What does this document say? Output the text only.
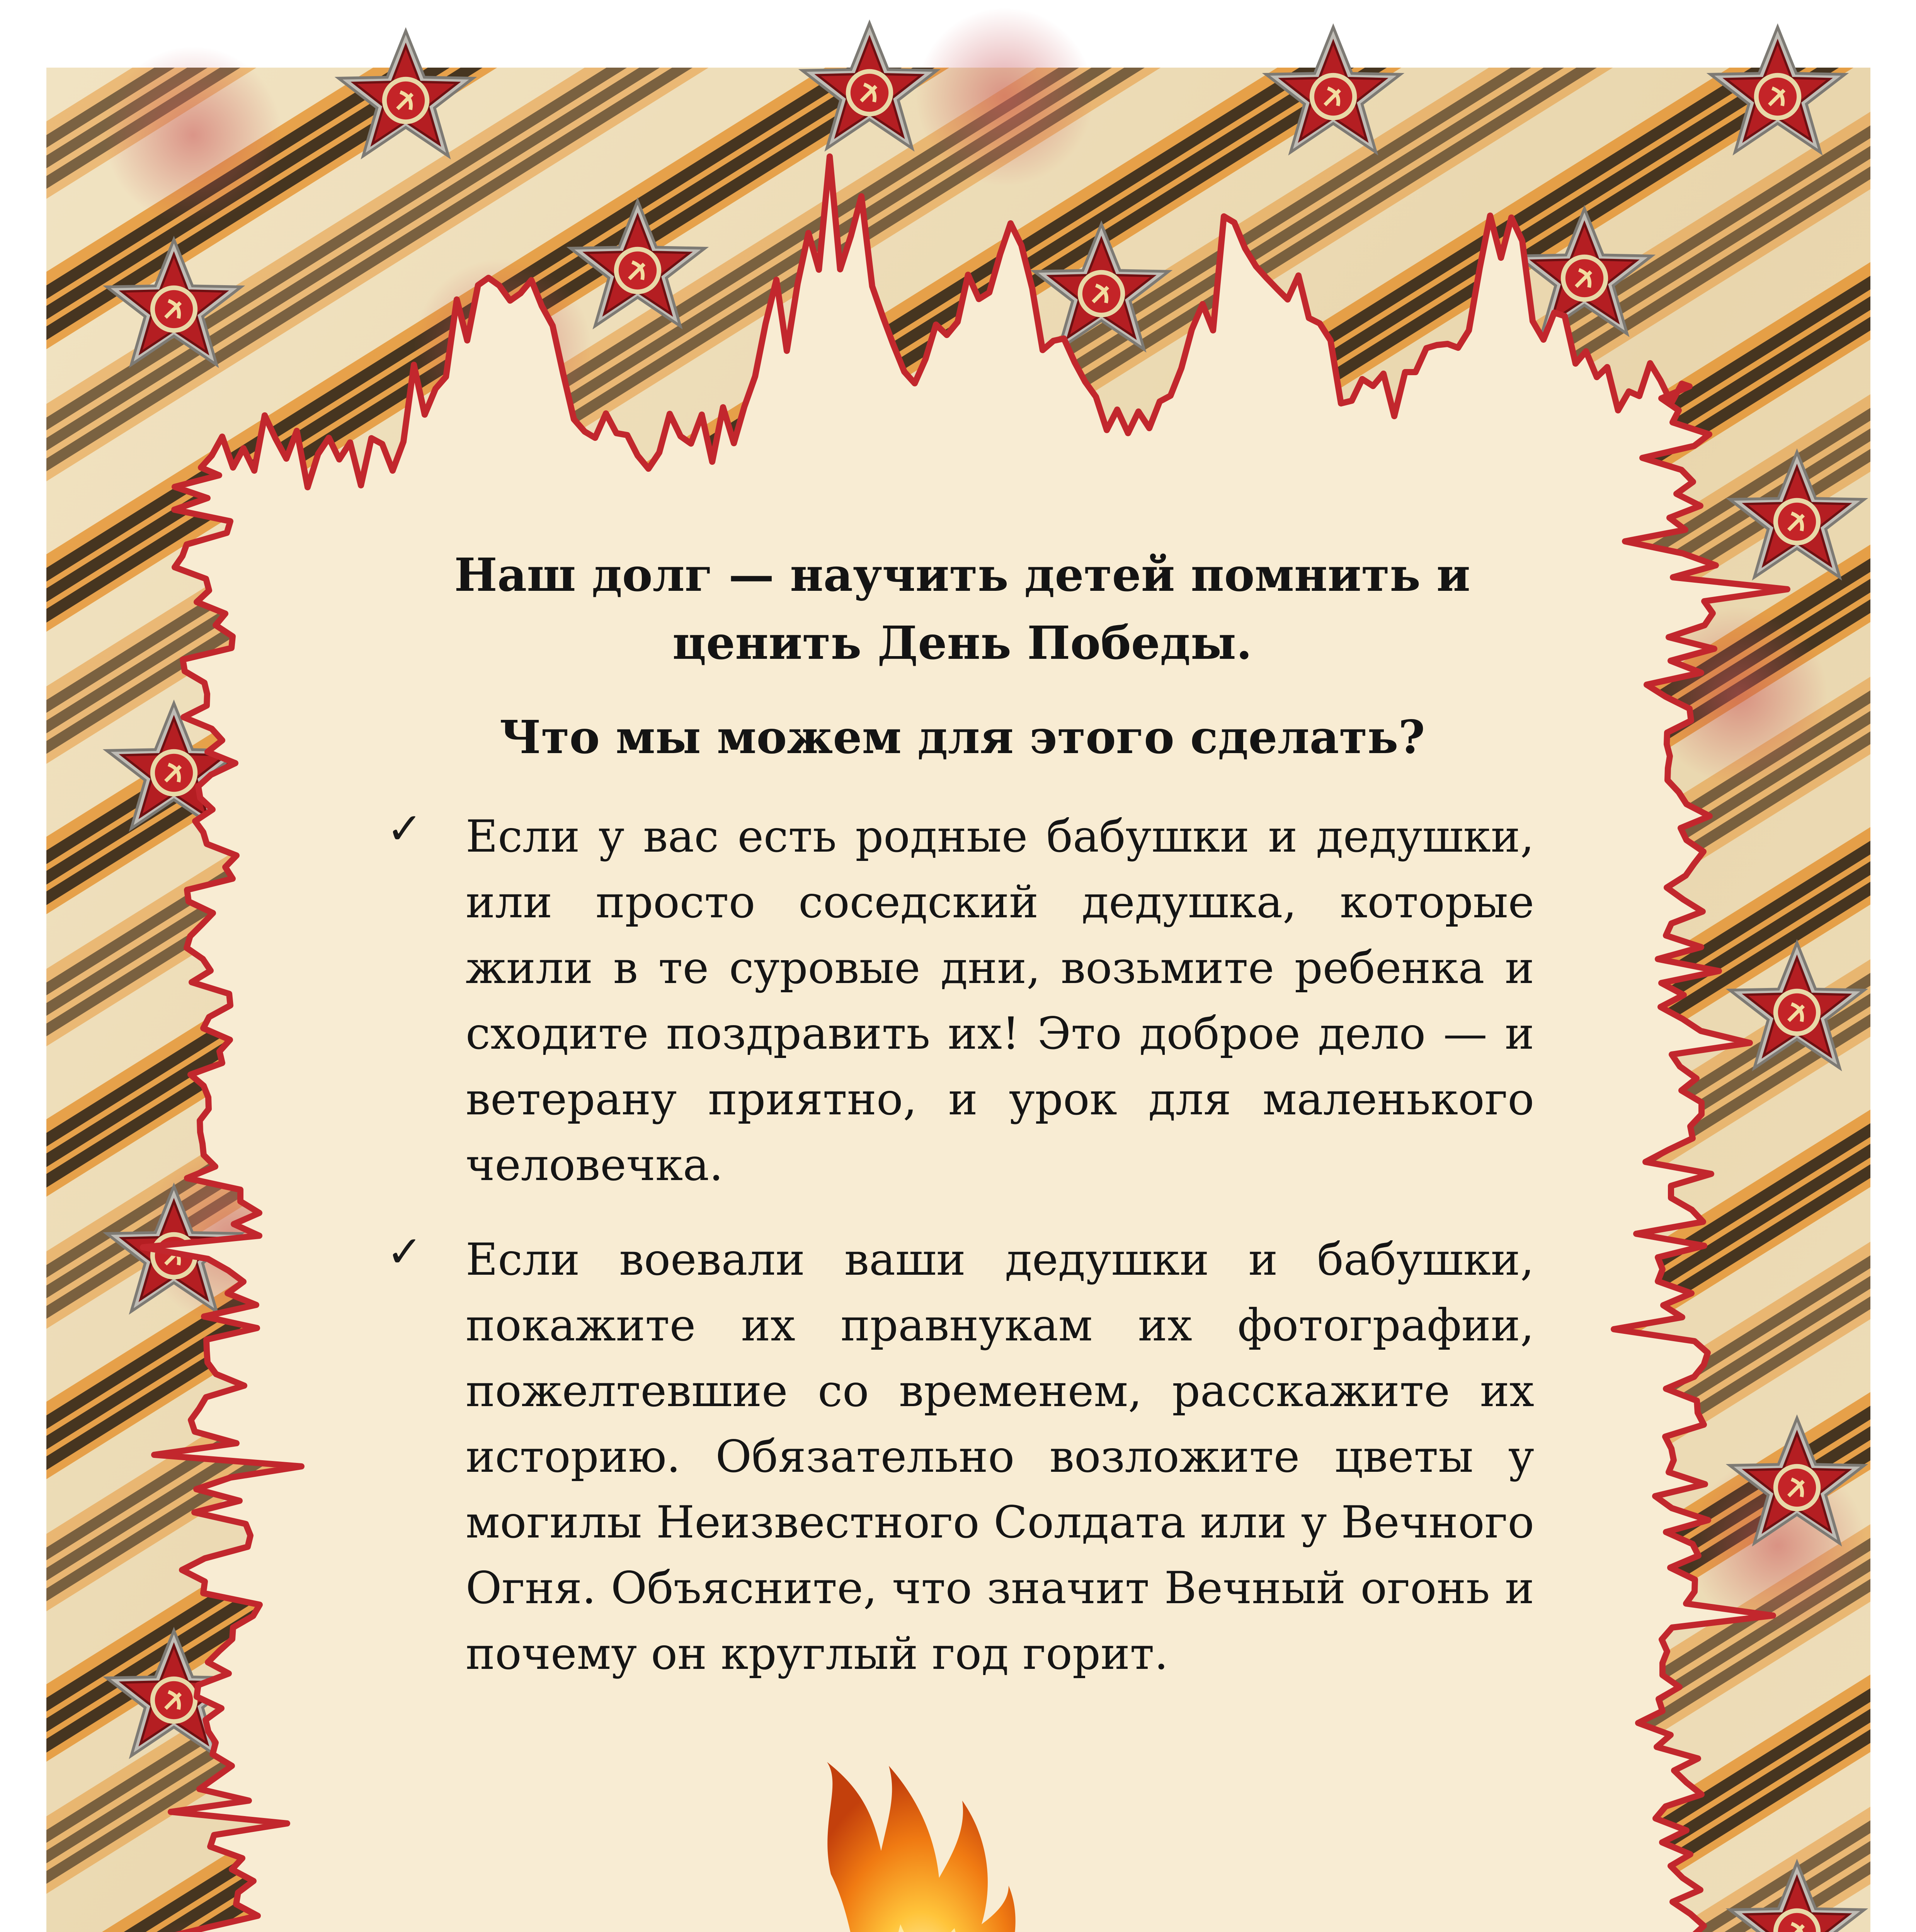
Наш долг — научить детей помнить и
ценить День Победы.
Что мы можем для этого сделать?
✓ Если у вас есть родные бабушки и дедушки, или просто соседский дедушка, которые жили в те суровые дни, возьмите ребенка и сходите поздравить их! Это доброе дело — и ветерану приятно, и урок для маленького человечка.
✓ Если воевали ваши дедушки и бабушки, покажите их правнукам их фотографии, пожелтевшие со временем, расскажите их историю. Обязательно возложите цветы у могилы Неизвестного Солдата или у Вечного Огня. Объясните, что значит Вечный огонь и почему он круглый год горит.
